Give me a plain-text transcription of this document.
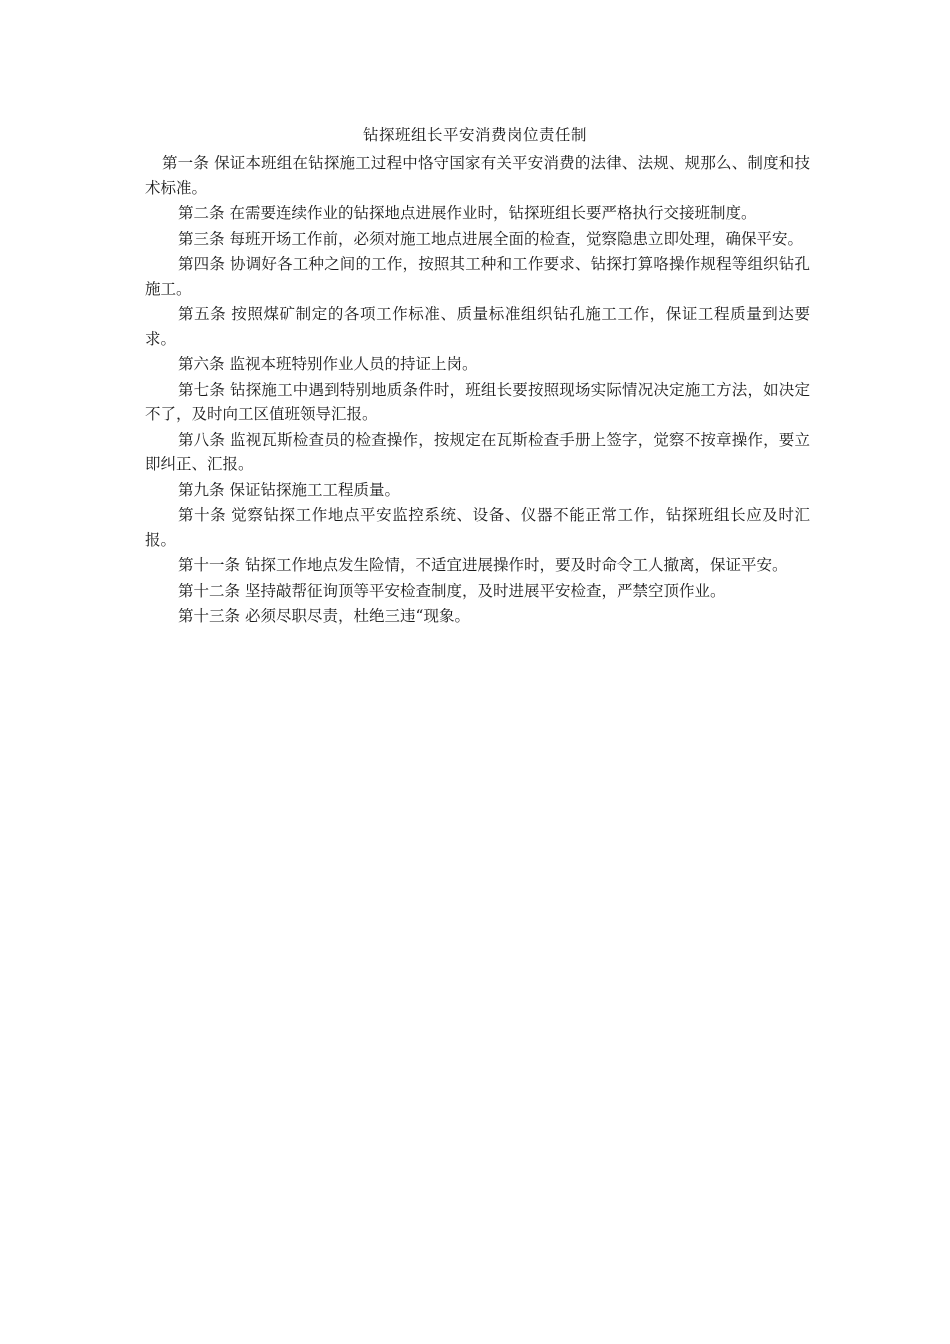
钻探班组长平安消费岗位责任制

第一条 保证本班组在钻探施工过程中恪守国家有关平安消费的法律、法规、规那么、制度和技术标准。

第二条 在需要连续作业的钻探地点进展作业时，钻探班组长要严格执行交接班制度。

第三条 每班开场工作前，必须对施工地点进展全面的检查，觉察隐患立即处理，确保平安。

第四条 协调好各工种之间的工作，按照其工种和工作要求、钻探打算咯操作规程等组织钻孔施工。

第五条 按照煤矿制定的各项工作标准、质量标准组织钻孔施工工作，保证工程质量到达要求。

第六条 监视本班特别作业人员的持证上岗。

第七条 钻探施工中遇到特别地质条件时，班组长要按照现场实际情况决定施工方法，如决定不了，及时向工区值班领导汇报。

第八条 监视瓦斯检查员的检查操作，按规定在瓦斯检查手册上签字，觉察不按章操作，要立即纠正、汇报。

第九条 保证钻探施工工程质量。

第十条 觉察钻探工作地点平安监控系统、设备、仪器不能正常工作，钻探班组长应及时汇报。

第十一条 钻探工作地点发生险情，不适宜进展操作时，要及时命令工人撤离，保证平安。

第十二条 坚持敲帮征询顶等平安检查制度，及时进展平安检查，严禁空顶作业。

第十三条 必须尽职尽责，杜绝三违“现象。
